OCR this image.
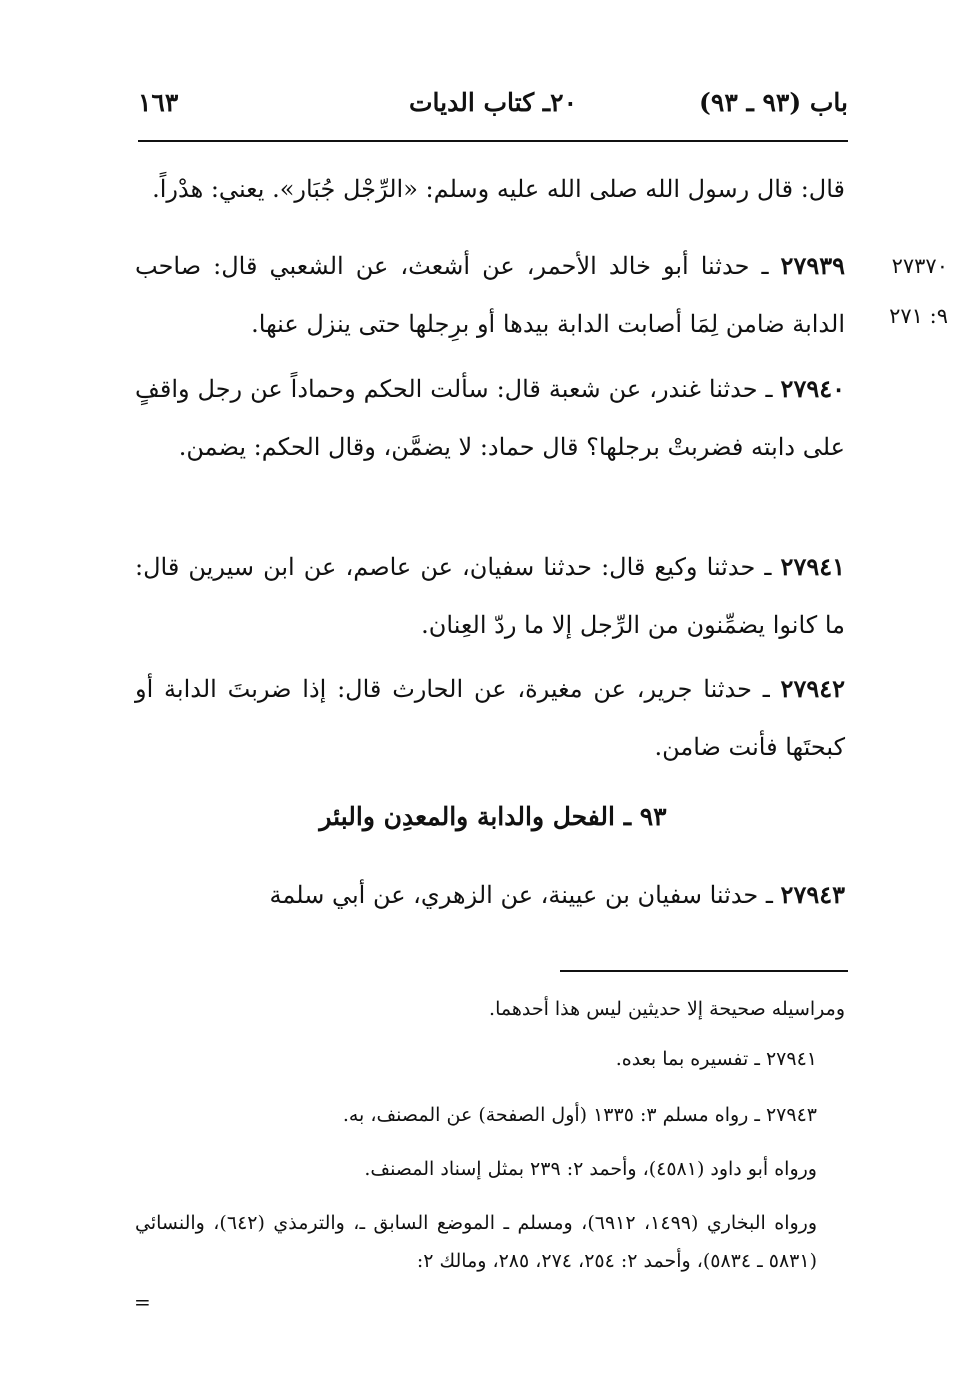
باب (٩٣ ـ ٩٣)
٢٠ـ كتاب الديات
١٦٣
قال: قال رسول الله صلى الله عليه وسلم: «الرِّجْل جُبَار». يعني: هدْراً.
٢٧٣٧٠
٩: ٢٧١
٢٧٩٣٩ ـ حدثنا أبو خالد الأحمر، عن أشعث، عن الشعبي قال: صاحب الدابة ضامن لِمَا أصابت الدابة بيدها أو برِجلها حتى ينزل عنها.
٢٧٩٤٠ ـ حدثنا غندر، عن شعبة قال: سألت الحكم وحماداً عن رجل واقفٍ على دابته فضربتْ برجلها؟ قال حماد: لا يضمَّن، وقال الحكم: يضمن.
٢٧٩٤١ ـ حدثنا وكيع قال: حدثنا سفيان، عن عاصم، عن ابن سيرين قال: ما كانوا يضمِّنون من الرِّجل إلا ما ردّ العِنان.
٢٧٩٤٢ ـ حدثنا جرير، عن مغيرة، عن الحارث قال: إذا ضربتَ الدابة أو كبحتَها فأنت ضامن.
٩٣ ـ الفحل والدابة والمعدِن والبئر
٢٧٩٤٣ ـ حدثنا سفيان بن عيينة، عن الزهري، عن أبي سلمة
ومراسيله صحيحة إلا حديثين ليس هذا أحدهما.
٢٧٩٤١ ـ تفسيره بما بعده.
٢٧٩٤٣ ـ رواه مسلم ٣: ١٣٣٥ (أول الصفحة) عن المصنف، به.
ورواه أبو داود (٤٥٨١)، وأحمد ٢: ٢٣٩ بمثل إسناد المصنف.
ورواه البخاري (١٤٩٩، ٦٩١٢)، ومسلم ـ الموضع السابق ـ، والترمذي (٦٤٢)، والنسائي (٥٨٣١ ـ ٥٨٣٤)، وأحمد ٢: ٢٥٤، ٢٧٤، ٢٨٥، ومالك ٢:
=
